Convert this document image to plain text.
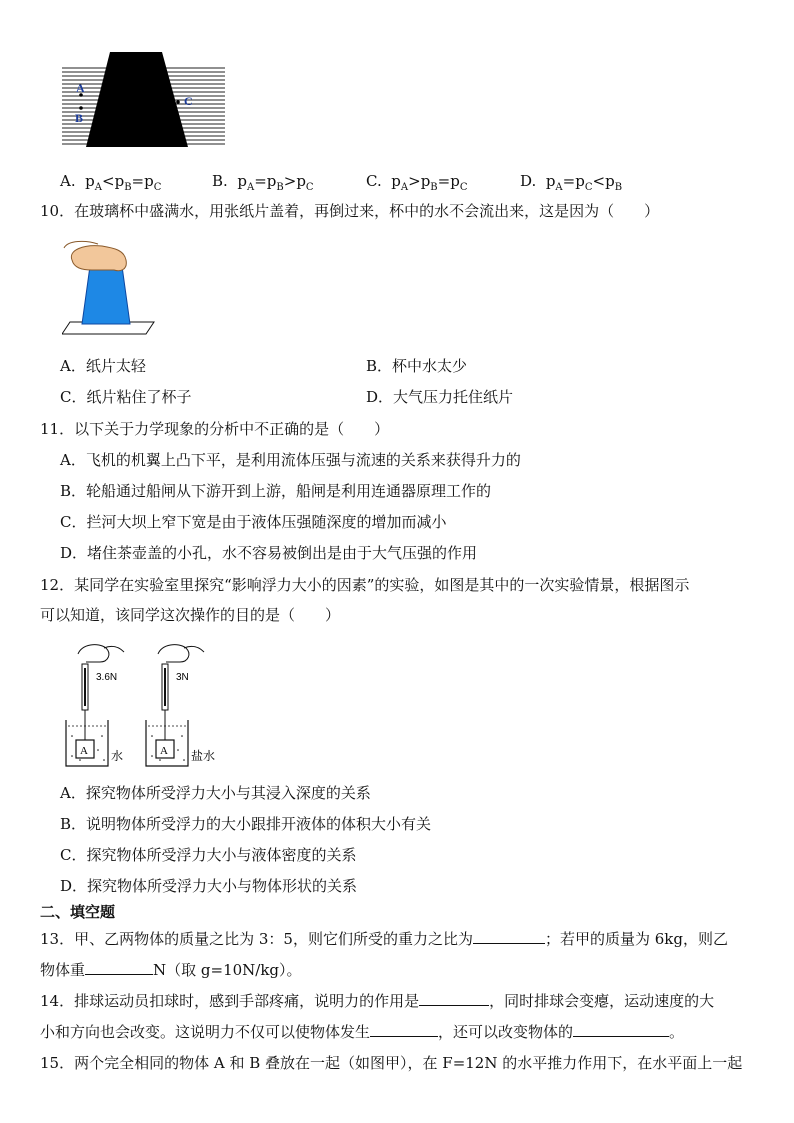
A
B
C
A. $p_A<p_B=p_C$	B. $p_A=p_B>p_C$	C. $p_A>p_B=p_C$	D. $p_A=p_C<p_B$
10．在玻璃杯中盛满水，用张纸片盖着，再倒过来，杯中的水不会流出来，这是因为（　　）
A．纸片太轻	B．杯中水太少
C．纸片粘住了杯子	D．大气压力托住纸片
11．以下关于力学现象的分析中不正确的是（　　）
A．飞机的机翼上凸下平，是利用流体压强与流速的关系来获得升力的
B．轮船通过船闸从下游开到上游，船闸是利用连通器原理工作的
C．拦河大坝上窄下宽是由于液体压强随深度的增加而减小
D．堵住茶壶盖的小孔，水不容易被倒出是由于大气压强的作用
12．某同学在实验室里探究“影响浮力大小的因素”的实验，如图是其中的一次实验情景，根据图示
可以知道，该同学这次操作的目的是（　　）
A
3.6N
水	A
3N
盐水
A．探究物体所受浮力大小与其浸入深度的关系
B．说明物体所受浮力的大小跟排开液体的体积大小有关
C．探究物体所受浮力大小与液体密度的关系
D．探究物体所受浮力大小与物体形状的关系
二、填空题
13．甲、乙两物体的质量之比为 3：5，则它们所受的重力之比为	；若甲的质量为 6kg，则乙
物体重	N（取 g=10N/kg）。
14．排球运动员扣球时，感到手部疼痛，说明力的作用是	，同时排球会变瘪，运动速度的大
小和方向也会改变。这说明力不仅可以使物体发生	，还可以改变物体的	。
15．两个完全相同的物体 A 和 B 叠放在一起（如图甲），在 F=12N 的水平推力作用下，在水平面上一起
